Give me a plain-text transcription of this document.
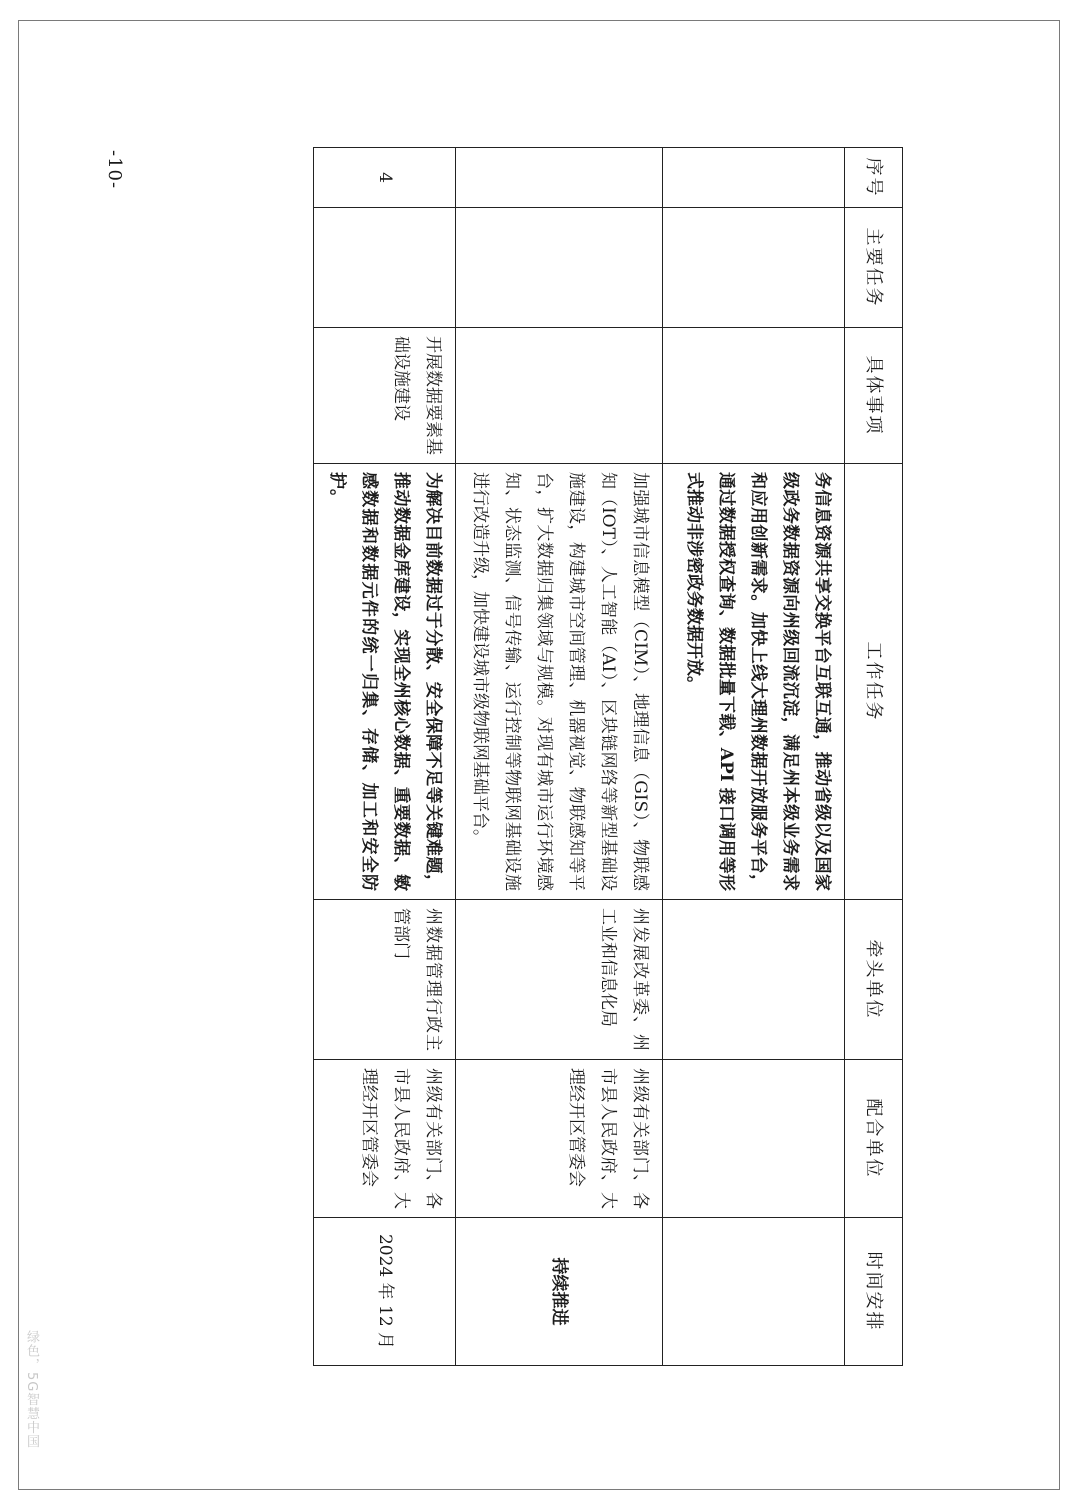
-10-
绿色，5G智慧中国
序号	主要任务	具体事项	工作任务	牵头单位	配合单位	时间安排
			务信息资源共享交换平台互联互通，推动省级以及国家级政务数据资源向州级回流沉淀，满足州本级业务需求和应用创新需求。加快上线大理州数据开放服务平台，通过数据授权查询、数据批量下载、API 接口调用等形式推动非涉密政务数据开放。			
			加强城市信息模型（CIM）、地理信息（GIS）、物联感知（IOT）、人工智能（AI）、区块链网络等新型基础设施建设，构建城市空间管理、机器视觉、物联感知等平台，扩大数据归集领域与规模。对现有城市运行环境感知、状态监测、信号传输、运行控制等物联网基础设施进行改造升级，加快建设城市级物联网基础平台。	州发展改革委、州工业和信息化局	州级有关部门、各市县人民政府、大理经开区管委会	持续推进
4		开展数据要素基础设施建设	为解决目前数据过于分散、安全保障不足等关键难题，推动数据金库建设，实现全州核心数据、重要数据、敏感数据和数据元件的统一归集、存储、加工和安全防护。	州数据管理行政主管部门	州级有关部门、各市县人民政府、大理经开区管委会	2024 年 12 月
